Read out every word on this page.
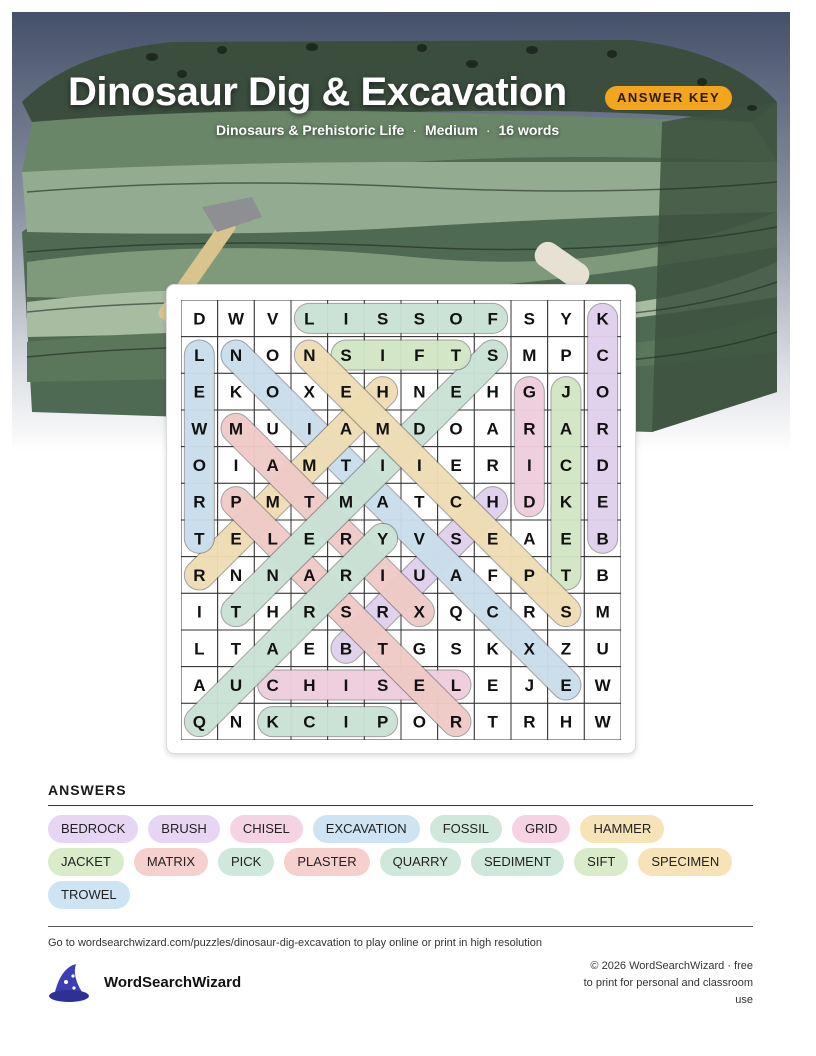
Dinosaur Dig & Excavation	ANSWER KEY
Dinosaurs & Prehistoric Life · Medium · 16 words
D W V L I S S O F S Y K
L N O N S I F T S M P C
E K O X E H N E H G J O
W M U I A M D O A R A R
O I A M T I I E R I C D
R P M T M A T C H D K E
T E L E R Y V S E A E B
R N N A R I U A F P T B
I T H R S R X Q C R S M
L T A E B T G S K X Z U
A U C H I S E L E J E W
Q N K C I P O R T R H W
ANSWERS
BEDROCK	BRUSH	CHISEL	EXCAVATION	FOSSIL	GRID	HAMMER
JACKET	MATRIX	PICK	PLASTER	QUARRY	SEDIMENT	SIFT	SPECIMEN
TROWEL
Go to wordsearchwizard.com/puzzles/dinosaur-dig-excavation to play online or print in high resolution
WordSearchWizard
© 2026 WordSearchWizard · free to print for personal and classroom use
